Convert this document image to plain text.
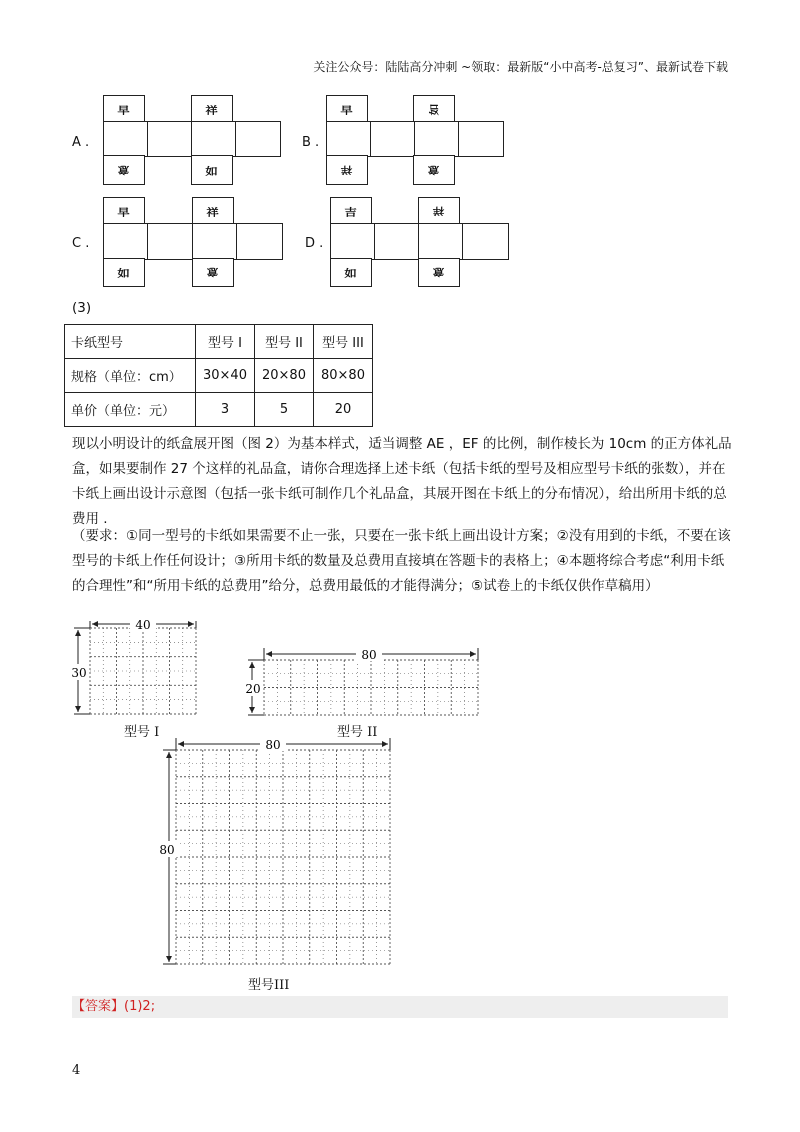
关注公众号：陆陆高分冲刺 ~领取：最新版“小中高考-总复习”、最新试卷下载
A .
早	祥
意	如
B .
早	如
祥	意
C .
早	祥
如	意
D .
吉	祥
如	意
(3)
卡纸型号	型号 I	型号 II	型号 III
规格（单位：cm）	30×40	20×80	80×80
单价（单位：元）	3	5	20
现以小明设计的纸盒展开图（图 2）为基本样式，适当调整 AE ，EF 的比例，制作棱长为 10cm 的正方体礼品盒，如果要制作 27 个这样的礼品盒，请你合理选择上述卡纸（包括卡纸的型号及相应型号卡纸的张数），并在卡纸上画出设计示意图（包括一张卡纸可制作几个礼品盒，其展开图在卡纸上的分布情况），给出所用卡纸的总费用 .
（要求：①同一型号的卡纸如果需要不止一张，只要在一张卡纸上画出设计方案；②没有用到的卡纸，不要在该型号的卡纸上作任何设计；③所用卡纸的数量及总费用直接填在答题卡的表格上；④本题将综合考虑“利用卡纸的合理性”和“所用卡纸的总费用”给分，总费用最低的才能得满分；⑤试卷上的卡纸仅供作草稿用）
40
30
型号 I
80
20
型号 II
80
80
型号III
【答案】(1)2;
4
